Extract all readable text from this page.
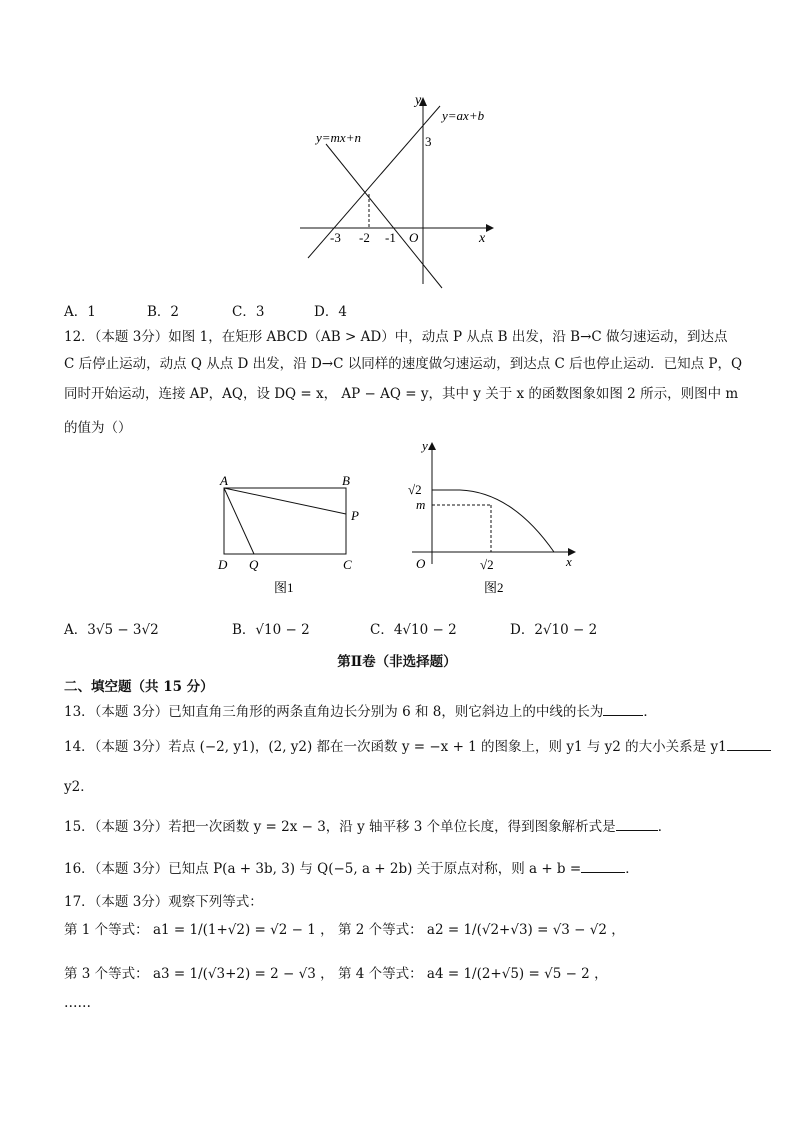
y
x
y=ax+b
y=mx+n	3
-3 -2 -1 O
A．1	B．2	C．3	D．4
12．（本题 3分）如图 1，在矩形 ABCD（AB > AD）中，动点 P 从点 B 出发，沿 B→C 做匀速运动，到达点
C 后停止运动，动点 Q 从点 D 出发，沿 D→C 以同样的速度做匀速运动，到达点 C 后也停止运动．已知点 P，Q
同时开始运动，连接 AP，AQ，设 DQ = x， AP − AQ = y，其中 y 关于 x 的函数图象如图 2 所示，则图中 m
的值为（）
A	B
P
D Q	C
图1
y
x
O
√2
m
√2
图2
A．3√5 − 3√2	B．√10 − 2	C．4√10 − 2	D．2√10 − 2
第Ⅱ卷（非选择题）
二、填空题（共 15 分）
13．（本题 3分）已知直角三角形的两条直角边长分别为 6 和 8，则它斜边上的中线的长为	．
14．（本题 3分）若点 (−2, y1)，(2, y2) 都在一次函数 y = −x + 1 的图象上，则 y1 与 y2 的大小关系是 y1
y2．
15．（本题 3分）若把一次函数 y = 2x − 3，沿 y 轴平移 3 个单位长度，得到图象解析式是	．
16．（本题 3分）已知点 P(a + 3b, 3) 与 Q(−5, a + 2b) 关于原点对称，则 a + b =	．
17．（本题 3分）观察下列等式：
第 1 个等式： a1 = 1/(1+√2) = √2 − 1 ， 第 2 个等式： a2 = 1/(√2+√3) = √3 − √2 ，
第 3 个等式： a3 = 1/(√3+2) = 2 − √3 ， 第 4 个等式： a4 = 1/(2+√5) = √5 − 2 ，
……
